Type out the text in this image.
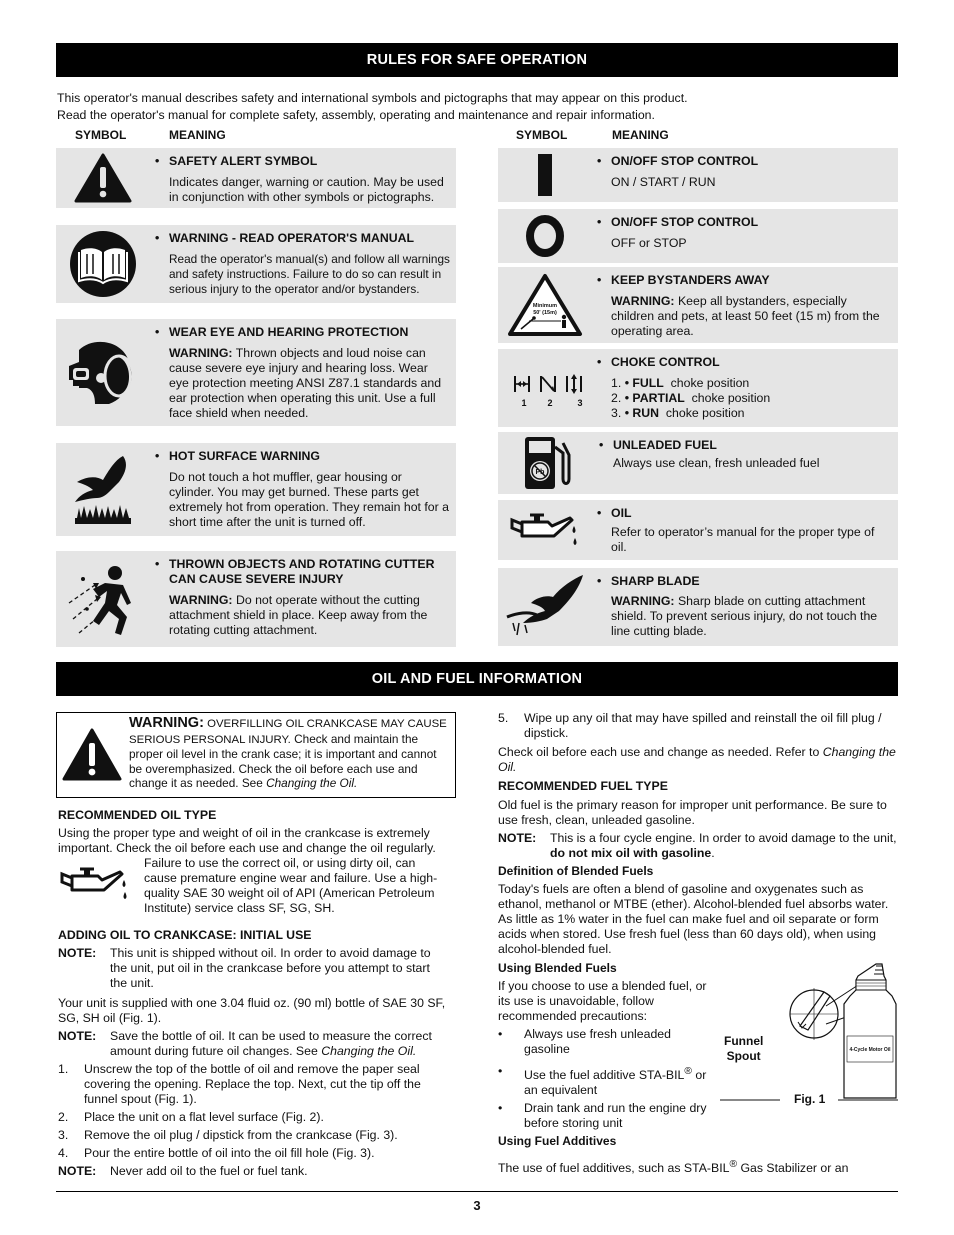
RULES FOR SAFE OPERATION
This operator's manual describes safety and international symbols and pictographs that may appear on this product.
Read the operator's manual for complete safety, assembly, operating and maintenance and repair information.
SYMBOL	MEANING	SYMBOL	MEANING
• SAFETY ALERT SYMBOL
Indicates danger, warning or caution. May be used in conjunction with other symbols or pictographs.
• WARNING - READ OPERATOR'S MANUAL
Read the operator's manual(s) and follow all warnings and safety instructions. Failure to do so can result in serious injury to the operator and/or bystanders.
• WEAR EYE AND HEARING PROTECTION
WARNING: Thrown objects and loud noise can cause severe eye injury and hearing loss. Wear eye protection meeting ANSI Z87.1 standards and ear protection when operating this unit. Use a full face shield when needed.
• HOT SURFACE WARNING
Do not touch a hot muffler, gear housing or cylinder. You may get burned. These parts get extremely hot from operation. They remain hot for a short time after the unit is turned off.
• THROWN OBJECTS AND ROTATING CUTTER CAN CAUSE SEVERE INJURY
WARNING: Do not operate without the cutting attachment shield in place. Keep away from the rotating cutting attachment.
• ON/OFF STOP CONTROL
ON / START / RUN
• ON/OFF STOP CONTROL
OFF or STOP
Minimum
50' (15m)
• KEEP BYSTANDERS AWAY
WARNING: Keep all bystanders, especially children and pets, at least 50 feet (15 m) from the operating area.
1 2	3
• CHOKE CONTROL
1. • FULL  choke position
2. • PARTIAL  choke position
3. • RUN  choke position
Pb
• UNLEADED FUEL
Always use clean, fresh unleaded fuel
• OIL
Refer to operator’s manual for the proper type of oil.
• SHARP BLADE
WARNING: Sharp blade on cutting attachment shield. To prevent serious injury, do not touch the line cutting blade.
OIL AND FUEL INFORMATION
WARNING: OVERFILLING OIL CRANKCASE MAY CAUSE SERIOUS PERSONAL INJURY. Check and maintain the proper oil level in the crank case; it is important and cannot be overemphasized. Check the oil before each use and change it as needed. See Changing the Oil.
RECOMMENDED OIL TYPE
Using the proper type and weight of oil in the crankcase is extremely important. Check the oil before each use and change the oil regularly.
Failure to use the correct oil, or using dirty oil, can cause premature engine wear and failure. Use a high-quality SAE 30 weight oil of API (American Petroleum Institute) service class SF, SG, SH.
ADDING OIL TO CRANKCASE: INITIAL USE
NOTE:	This unit is shipped without oil. In order to avoid damage to the unit, put oil in the crankcase before you attempt to start the unit.
Your unit is supplied with one 3.04 fluid oz. (90 ml) bottle of SAE 30 SF, SG, SH oil (Fig. 1).
NOTE:	Save the bottle of oil. It can be used to measure the correct amount during future oil changes. See Changing the Oil.
1.	Unscrew the top of the bottle of oil and remove the paper seal covering the opening. Replace the top. Next, cut the tip off the funnel spout (Fig. 1).
2.	Place the unit on a flat level surface (Fig. 2).
3.	Remove the oil plug / dipstick from the crankcase (Fig. 3).
4.	Pour the entire bottle of oil into the oil fill hole (Fig. 3).
NOTE:	Never add oil to the fuel or fuel tank.
5.	Wipe up any oil that may have spilled and reinstall the oil fill plug / dipstick.
Check oil before each use and change as needed. Refer to Changing the Oil.
RECOMMENDED FUEL TYPE
Old fuel is the primary reason for improper unit performance. Be sure to use fresh, clean, unleaded gasoline.
NOTE:	This is a four cycle engine. In order to avoid damage to the unit, do not mix oil with gasoline.
Definition of Blended Fuels
Today's fuels are often a blend of gasoline and oxygenates such as ethanol, methanol or MTBE (ether). Alcohol-blended fuel absorbs water. As little as 1% water in the fuel can make fuel and oil separate or form acids when stored. Use fresh fuel (less than 60 days old), when using alcohol-blended fuel.
Using Blended Fuels
If you choose to use a blended fuel, or its use is unavoidable, follow recommended precautions:
•	Always use fresh unleaded gasoline
•	Use the fuel additive STA-BIL® or an equivalent
•	Drain tank and run the engine dry before storing unit
Using Fuel Additives
The use of fuel additives, such as STA-BIL® Gas Stabilizer or an
4-Cycle Motor Oil
Funnel
Spout
Fig. 1
3
